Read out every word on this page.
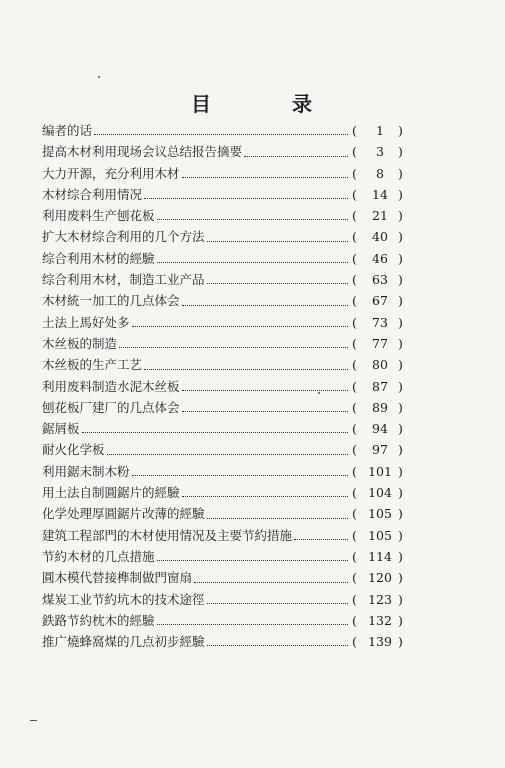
目	录
编者的话	(	1	)
提高木材利用现场会议总结报告摘要	(	3	)
大力开源，充分利用木材	(	8	)
木材综合利用情况	(	14 )
利用废料生产刨花板	(	21 )
扩大木材综合利用的几个方法	(	40 )
综合利用木材的經驗	(	46 )
综合利用木材，制造工业产品	(	63 )
木材統一加工的几点体会	(	67 )
土法上馬好处多	(	73 )
木丝板的制造	(	77 )
木丝板的生产工艺	(	80 )
利用废料制造水泥木丝板	(	87 )
刨花板厂建厂的几点体会	(	89 )
鋸屑板	(	94 )
耐火化学板	(	97 )
利用鋸末制木粉	( 101 )
用土法自制圓鋸片的經驗	( 104 )
化学处理厚圓鋸片改薄的經驗	( 105 )
建筑工程部門的木材使用情况及主要节約措施	( 105 )
节約木材的几点措施	( 114 )
圓木模代替接榫制做門窗扇	( 120 )
煤炭工业节約坑木的技术途徑	( 123 )
鉄路节約枕木的經驗	( 132 )
推广燒蜂窩煤的几点初步經驗	( 139 )
